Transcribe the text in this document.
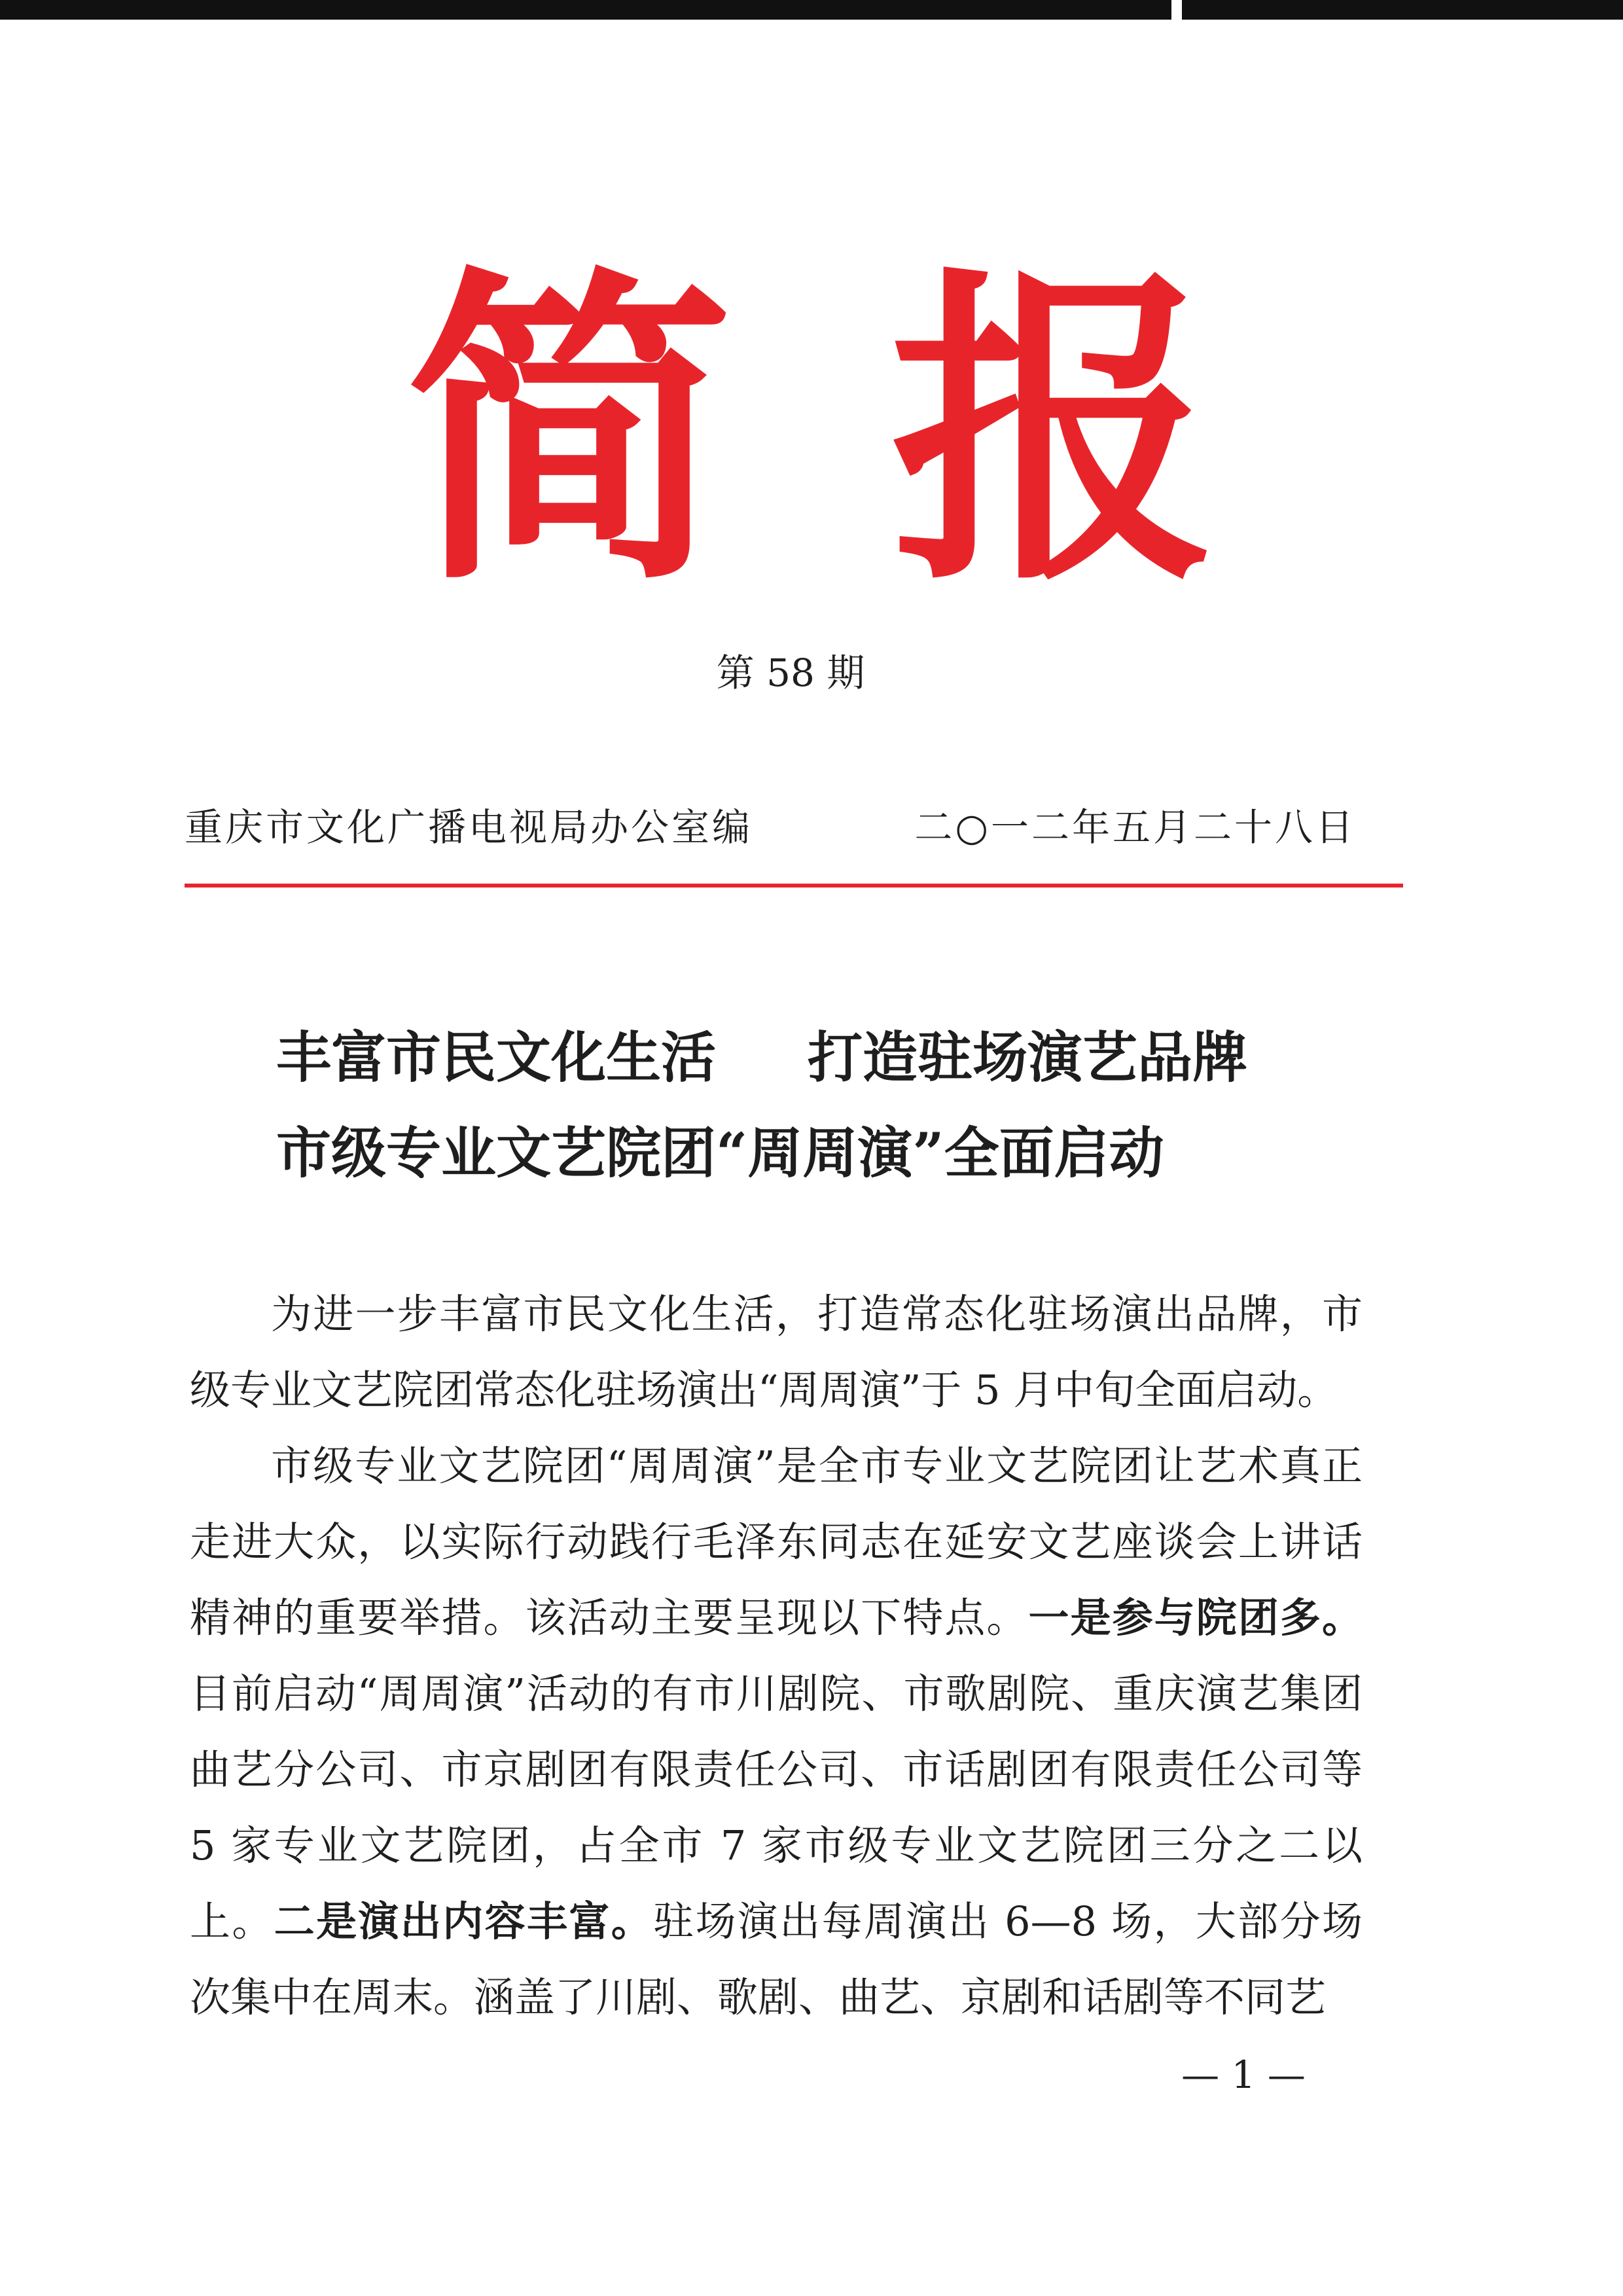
简报
第 58 期
重庆市文化广播电视局办公室编	二○一二年五月二十八日
丰富市民文化生活 打造驻场演艺品牌
市级专业文艺院团“周周演”全面启动

为进一步丰富市民文化生活，打造常态化驻场演出品牌，市级专业文艺院团常态化驻场演出“周周演”于 5 月中旬全面启动。

市级专业文艺院团“周周演”是全市专业文艺院团让艺术真正走进大众，以实际行动践行毛泽东同志在延安文艺座谈会上讲话精神的重要举措。该活动主要呈现以下特点。一是参与院团多。目前启动“周周演”活动的有市川剧院、市歌剧院、重庆演艺集团曲艺分公司、市京剧团有限责任公司、市话剧团有限责任公司等 5 家专业文艺院团，占全市 7 家市级专业文艺院团三分之二以上。二是演出内容丰富。驻场演出每周演出 6—8 场，大部分场次集中在周末。涵盖了川剧、歌剧、曲艺、京剧和话剧等不同艺

— 1 —
